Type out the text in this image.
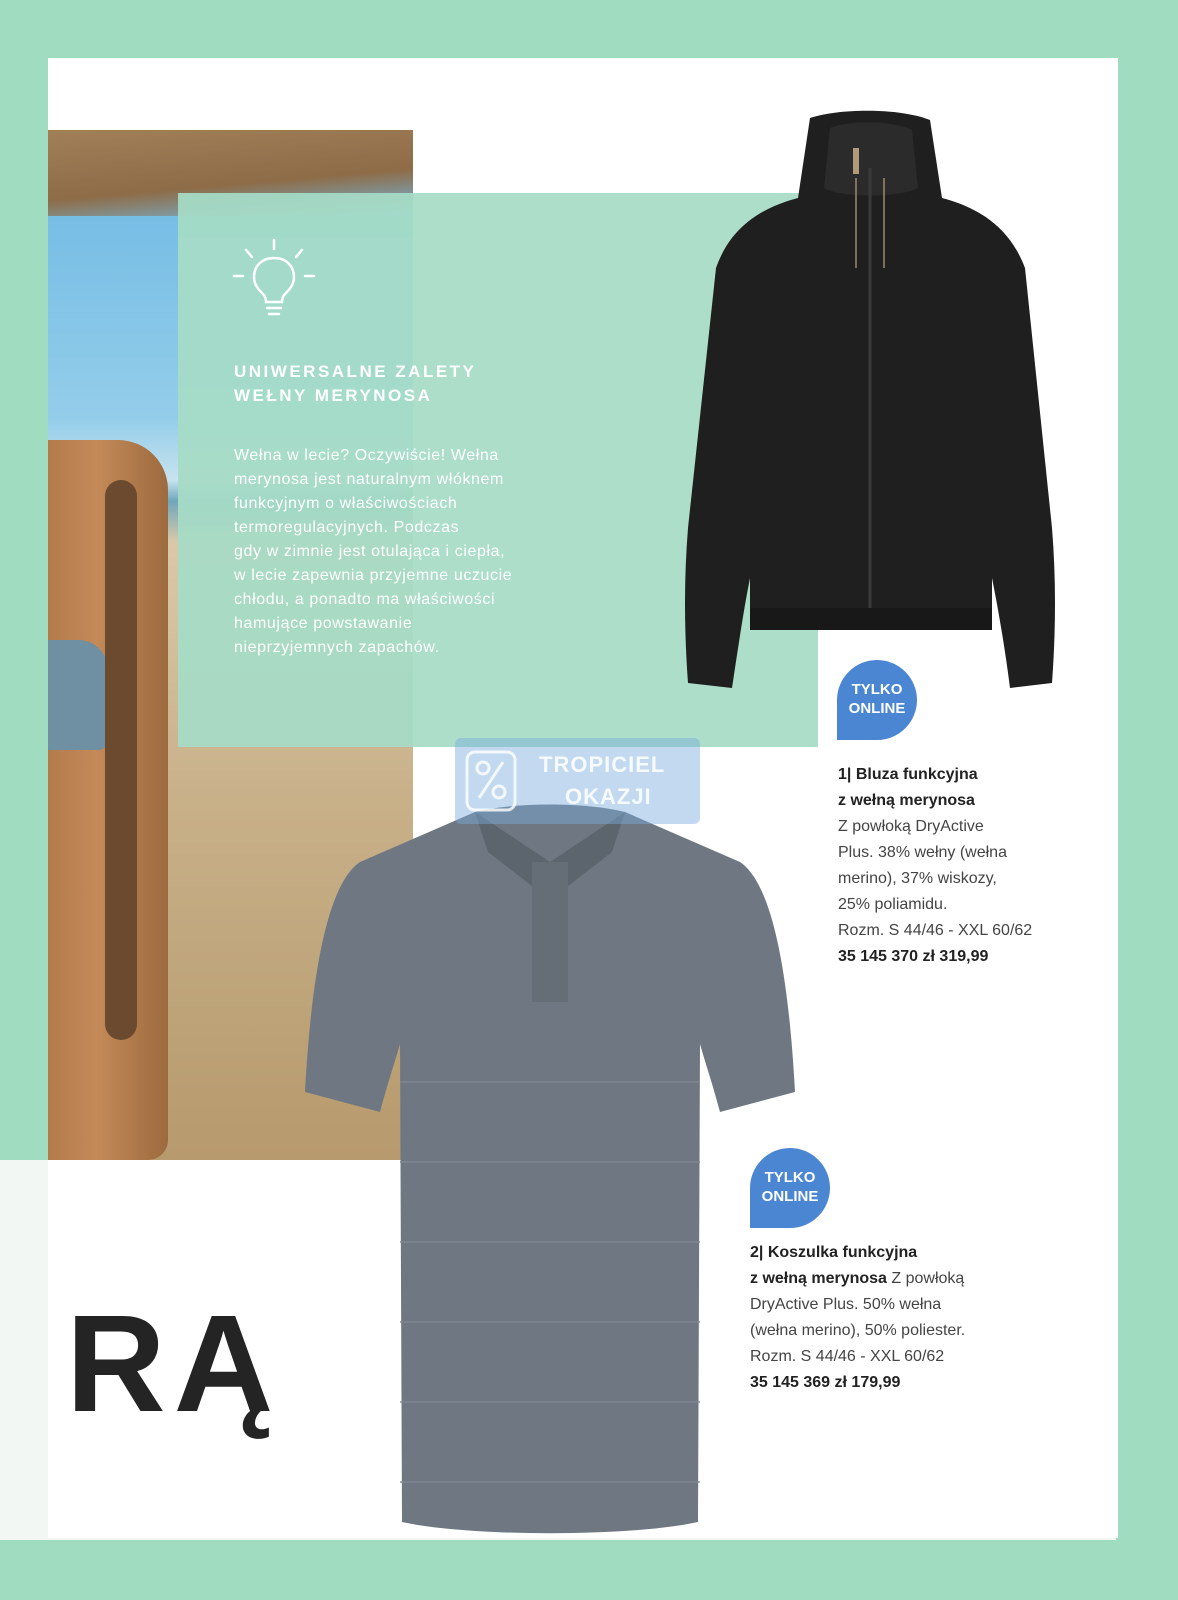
UNIWERSALNE ZALETY
WEŁNY MERYNOSA

Wełna w lecie? Oczywiście! Wełna
merynosa jest naturalnym włóknem
funkcyjnym o właściwościach
termoregulacyjnych. Podczas
gdy w zimnie jest otulająca i ciepła,
w lecie zapewnia przyjemne uczucie
chłodu, a ponadto ma właściwości
hamujące powstawanie
nieprzyjemnych zapachów.

TROPICIEL
OKAZJI
TYLKO
ONLINE
1| Bluza funkcyjna
z wełną merynosa
Z powłoką DryActive
Plus. 38% wełny (wełna
merino), 37% wiskozy,
25% poliamidu.
Rozm. S 44/46 - XXL 60/62
35 145 370 zł 319,99
TYLKO
ONLINE
2| Koszulka funkcyjna
z wełną merynosa Z powłoką
DryActive Plus. 50% wełna
(wełna merino), 50% poliester.
Rozm. S 44/46 - XXL 60/62
35 145 369 zł 179,99
RĄ
